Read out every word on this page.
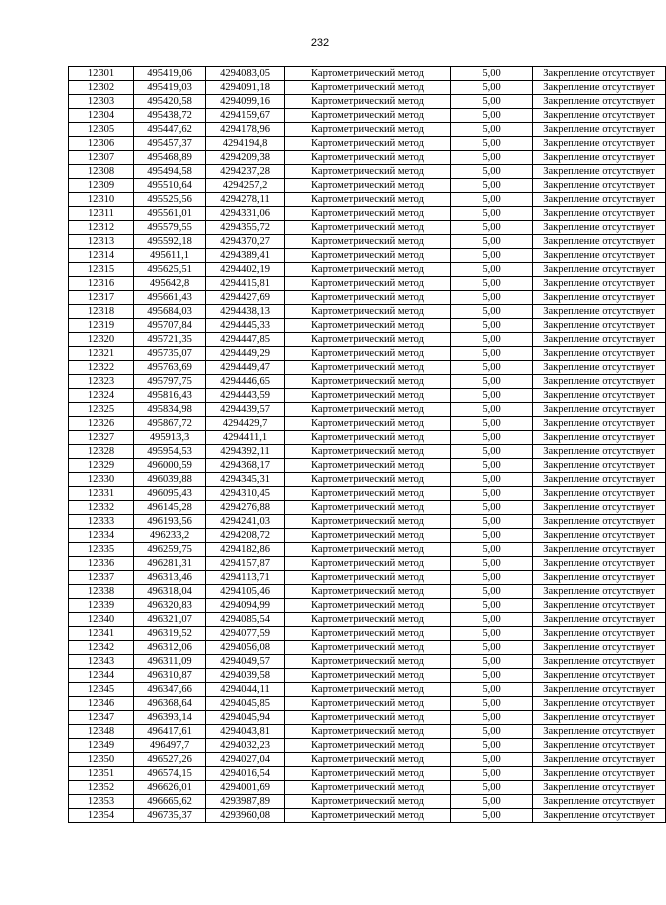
232
12301	495419,06	4294083,05	Картометрический метод	5,00	Закрепление отсутствует
12302	495419,03	4294091,18	Картометрический метод	5,00	Закрепление отсутствует
12303	495420,58	4294099,16	Картометрический метод	5,00	Закрепление отсутствует
12304	495438,72	4294159,67	Картометрический метод	5,00	Закрепление отсутствует
12305	495447,62	4294178,96	Картометрический метод	5,00	Закрепление отсутствует
12306	495457,37	4294194,8	Картометрический метод	5,00	Закрепление отсутствует
12307	495468,89	4294209,38	Картометрический метод	5,00	Закрепление отсутствует
12308	495494,58	4294237,28	Картометрический метод	5,00	Закрепление отсутствует
12309	495510,64	4294257,2	Картометрический метод	5,00	Закрепление отсутствует
12310	495525,56	4294278,11	Картометрический метод	5,00	Закрепление отсутствует
12311	495561,01	4294331,06	Картометрический метод	5,00	Закрепление отсутствует
12312	495579,55	4294355,72	Картометрический метод	5,00	Закрепление отсутствует
12313	495592,18	4294370,27	Картометрический метод	5,00	Закрепление отсутствует
12314	495611,1	4294389,41	Картометрический метод	5,00	Закрепление отсутствует
12315	495625,51	4294402,19	Картометрический метод	5,00	Закрепление отсутствует
12316	495642,8	4294415,81	Картометрический метод	5,00	Закрепление отсутствует
12317	495661,43	4294427,69	Картометрический метод	5,00	Закрепление отсутствует
12318	495684,03	4294438,13	Картометрический метод	5,00	Закрепление отсутствует
12319	495707,84	4294445,33	Картометрический метод	5,00	Закрепление отсутствует
12320	495721,35	4294447,85	Картометрический метод	5,00	Закрепление отсутствует
12321	495735,07	4294449,29	Картометрический метод	5,00	Закрепление отсутствует
12322	495763,69	4294449,47	Картометрический метод	5,00	Закрепление отсутствует
12323	495797,75	4294446,65	Картометрический метод	5,00	Закрепление отсутствует
12324	495816,43	4294443,59	Картометрический метод	5,00	Закрепление отсутствует
12325	495834,98	4294439,57	Картометрический метод	5,00	Закрепление отсутствует
12326	495867,72	4294429,7	Картометрический метод	5,00	Закрепление отсутствует
12327	495913,3	4294411,1	Картометрический метод	5,00	Закрепление отсутствует
12328	495954,53	4294392,11	Картометрический метод	5,00	Закрепление отсутствует
12329	496000,59	4294368,17	Картометрический метод	5,00	Закрепление отсутствует
12330	496039,88	4294345,31	Картометрический метод	5,00	Закрепление отсутствует
12331	496095,43	4294310,45	Картометрический метод	5,00	Закрепление отсутствует
12332	496145,28	4294276,88	Картометрический метод	5,00	Закрепление отсутствует
12333	496193,56	4294241,03	Картометрический метод	5,00	Закрепление отсутствует
12334	496233,2	4294208,72	Картометрический метод	5,00	Закрепление отсутствует
12335	496259,75	4294182,86	Картометрический метод	5,00	Закрепление отсутствует
12336	496281,31	4294157,87	Картометрический метод	5,00	Закрепление отсутствует
12337	496313,46	4294113,71	Картометрический метод	5,00	Закрепление отсутствует
12338	496318,04	4294105,46	Картометрический метод	5,00	Закрепление отсутствует
12339	496320,83	4294094,99	Картометрический метод	5,00	Закрепление отсутствует
12340	496321,07	4294085,54	Картометрический метод	5,00	Закрепление отсутствует
12341	496319,52	4294077,59	Картометрический метод	5,00	Закрепление отсутствует
12342	496312,06	4294056,08	Картометрический метод	5,00	Закрепление отсутствует
12343	496311,09	4294049,57	Картометрический метод	5,00	Закрепление отсутствует
12344	496310,87	4294039,58	Картометрический метод	5,00	Закрепление отсутствует
12345	496347,66	4294044,11	Картометрический метод	5,00	Закрепление отсутствует
12346	496368,64	4294045,85	Картометрический метод	5,00	Закрепление отсутствует
12347	496393,14	4294045,94	Картометрический метод	5,00	Закрепление отсутствует
12348	496417,61	4294043,81	Картометрический метод	5,00	Закрепление отсутствует
12349	496497,7	4294032,23	Картометрический метод	5,00	Закрепление отсутствует
12350	496527,26	4294027,04	Картометрический метод	5,00	Закрепление отсутствует
12351	496574,15	4294016,54	Картометрический метод	5,00	Закрепление отсутствует
12352	496626,01	4294001,69	Картометрический метод	5,00	Закрепление отсутствует
12353	496665,62	4293987,89	Картометрический метод	5,00	Закрепление отсутствует
12354	496735,37	4293960,08	Картометрический метод	5,00	Закрепление отсутствует
